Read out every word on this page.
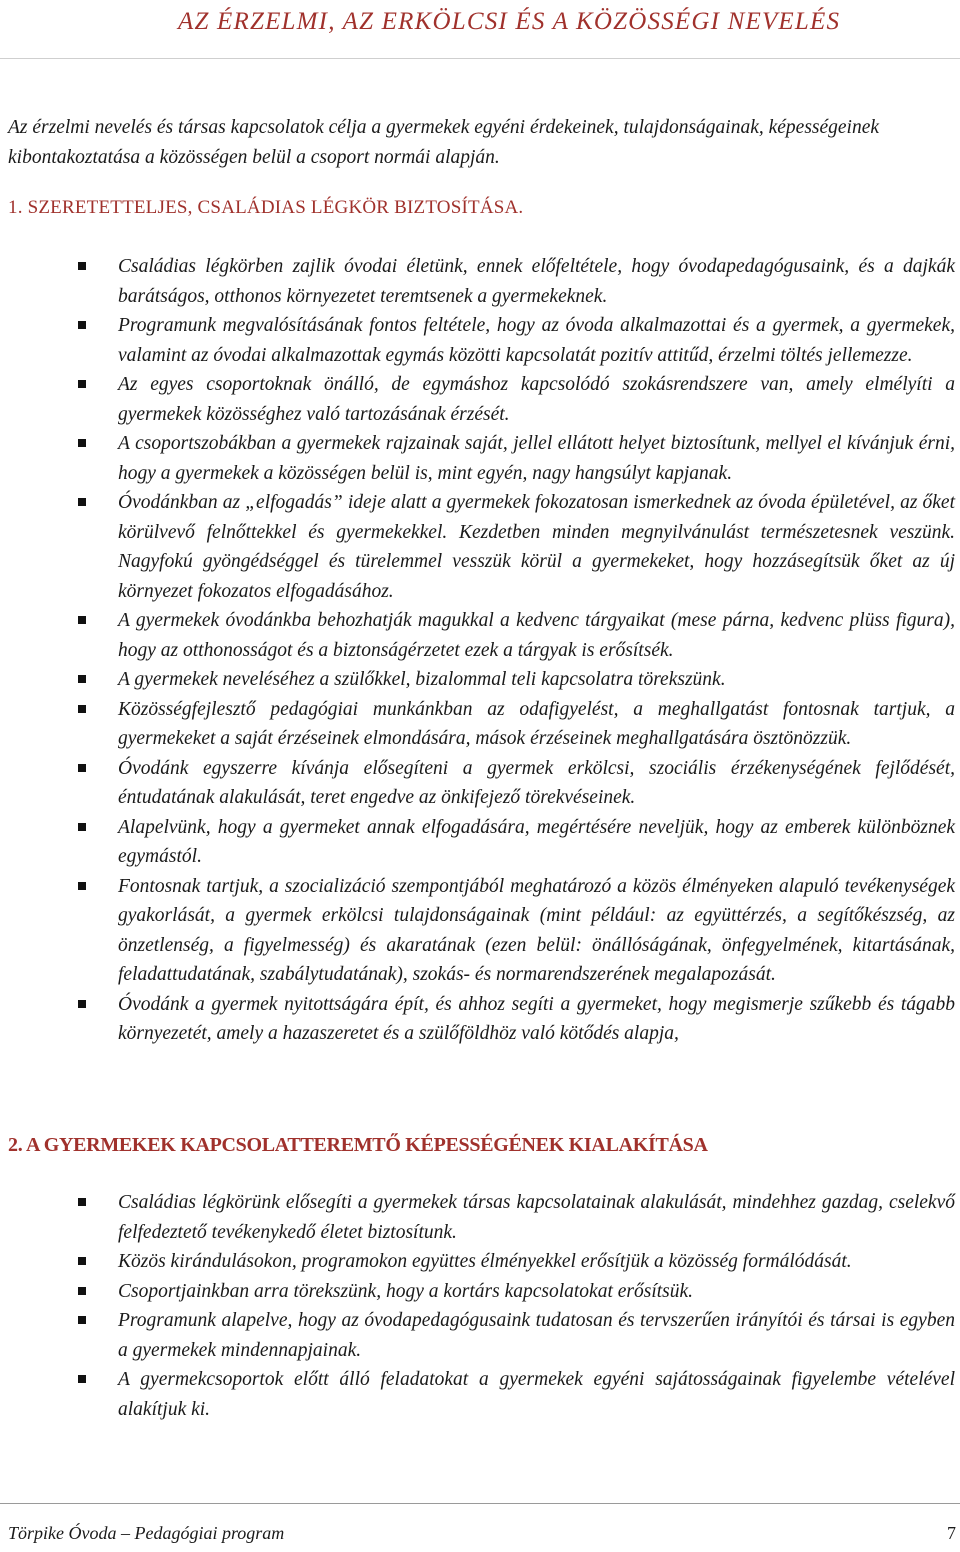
AZ ÉRZELMI, AZ ERKÖLCSI ÉS A KÖZÖSSÉGI NEVELÉS

Az érzelmi nevelés és társas kapcsolatok célja a gyermekek egyéni érdekeinek, tulajdonságainak, képességeinek kibontakoztatása a közösségen belül a csoport normái alapján.

1. SZERETETTELJES, CSALÁDIAS LÉGKÖR BIZTOSÍTÁSA.
Családias légkörben zajlik óvodai életünk, ennek előfeltétele, hogy óvodapedagógusaink, és a dajkák barátságos, otthonos környezetet teremtsenek a gyermekeknek.
Programunk megvalósításának fontos feltétele, hogy az óvoda alkalmazottai és a gyermek, a gyermekek, valamint az óvodai alkalmazottak egymás közötti kapcsolatát pozitív attitűd, érzelmi töltés jellemezze.
Az egyes csoportoknak önálló, de egymáshoz kapcsolódó szokásrendszere van, amely elmélyíti a gyermekek közösséghez való tartozásának érzését.
A csoportszobákban a gyermekek rajzainak saját, jellel ellátott helyet biztosítunk, mellyel el kívánjuk érni, hogy a gyermekek a közösségen belül is, mint egyén, nagy hangsúlyt kapjanak.
Óvodánkban az „elfogadás” ideje alatt a gyermekek fokozatosan ismerkednek az óvoda épületével, az őket körülvevő felnőttekkel és gyermekekkel. Kezdetben minden megnyilvánulást természetesnek veszünk. Nagyfokú gyöngédséggel és türelemmel vesszük körül a gyermekeket, hogy hozzásegítsük őket az új környezet fokozatos elfogadásához.
A gyermekek óvodánkba behozhatják magukkal a kedvenc tárgyaikat (mese párna, kedvenc plüss figura), hogy az otthonosságot és a biztonságérzetet ezek a tárgyak is erősítsék.
A gyermekek neveléséhez a szülőkkel, bizalommal teli kapcsolatra törekszünk.
Közösségfejlesztő pedagógiai munkánkban az odafigyelést, a meghallgatást fontosnak tartjuk, a gyermekeket a saját érzéseinek elmondására, mások érzéseinek meghallgatására ösztönözzük.
Óvodánk egyszerre kívánja elősegíteni a gyermek erkölcsi, szociális érzékenységének fejlődését, éntudatának alakulását, teret engedve az önkifejező törekvéseinek.
Alapelvünk, hogy a gyermeket annak elfogadására, megértésére neveljük, hogy az emberek különböznek egymástól.
Fontosnak tartjuk, a szocializáció szempontjából meghatározó a közös élményeken alapuló tevékenységek gyakorlását, a gyermek erkölcsi tulajdonságainak (mint például: az együttérzés, a segítőkészség, az önzetlenség, a figyelmesség) és akaratának (ezen belül: önállóságának, önfegyelmének, kitartásának, feladattudatának, szabálytudatának), szokás- és normarendszerének megalapozását.
Óvodánk a gyermek nyitottságára épít, és ahhoz segíti a gyermeket, hogy megismerje szűkebb és tágabb környezetét, amely a hazaszeretet és a szülőföldhöz való kötődés alapja,
2. A GYERMEKEK KAPCSOLATTEREMTŐ KÉPESSÉGÉNEK KIALAKÍTÁSA
Családias légkörünk elősegíti a gyermekek társas kapcsolatainak alakulását, mindehhez gazdag, cselekvő felfedeztető tevékenykedő életet biztosítunk.
Közös kirándulásokon, programokon együttes élményekkel erősítjük a közösség formálódását.
Csoportjainkban arra törekszünk, hogy a kortárs kapcsolatokat erősítsük.
Programunk alapelve, hogy az óvodapedagógusaink tudatosan és tervszerűen irányítói és társai is egyben a gyermekek mindennapjainak.
A gyermekcsoportok előtt álló feladatokat a gyermekek egyéni sajátosságainak figyelembe vételével alakítjuk ki.
Törpike Óvoda – Pedagógiai program	7
